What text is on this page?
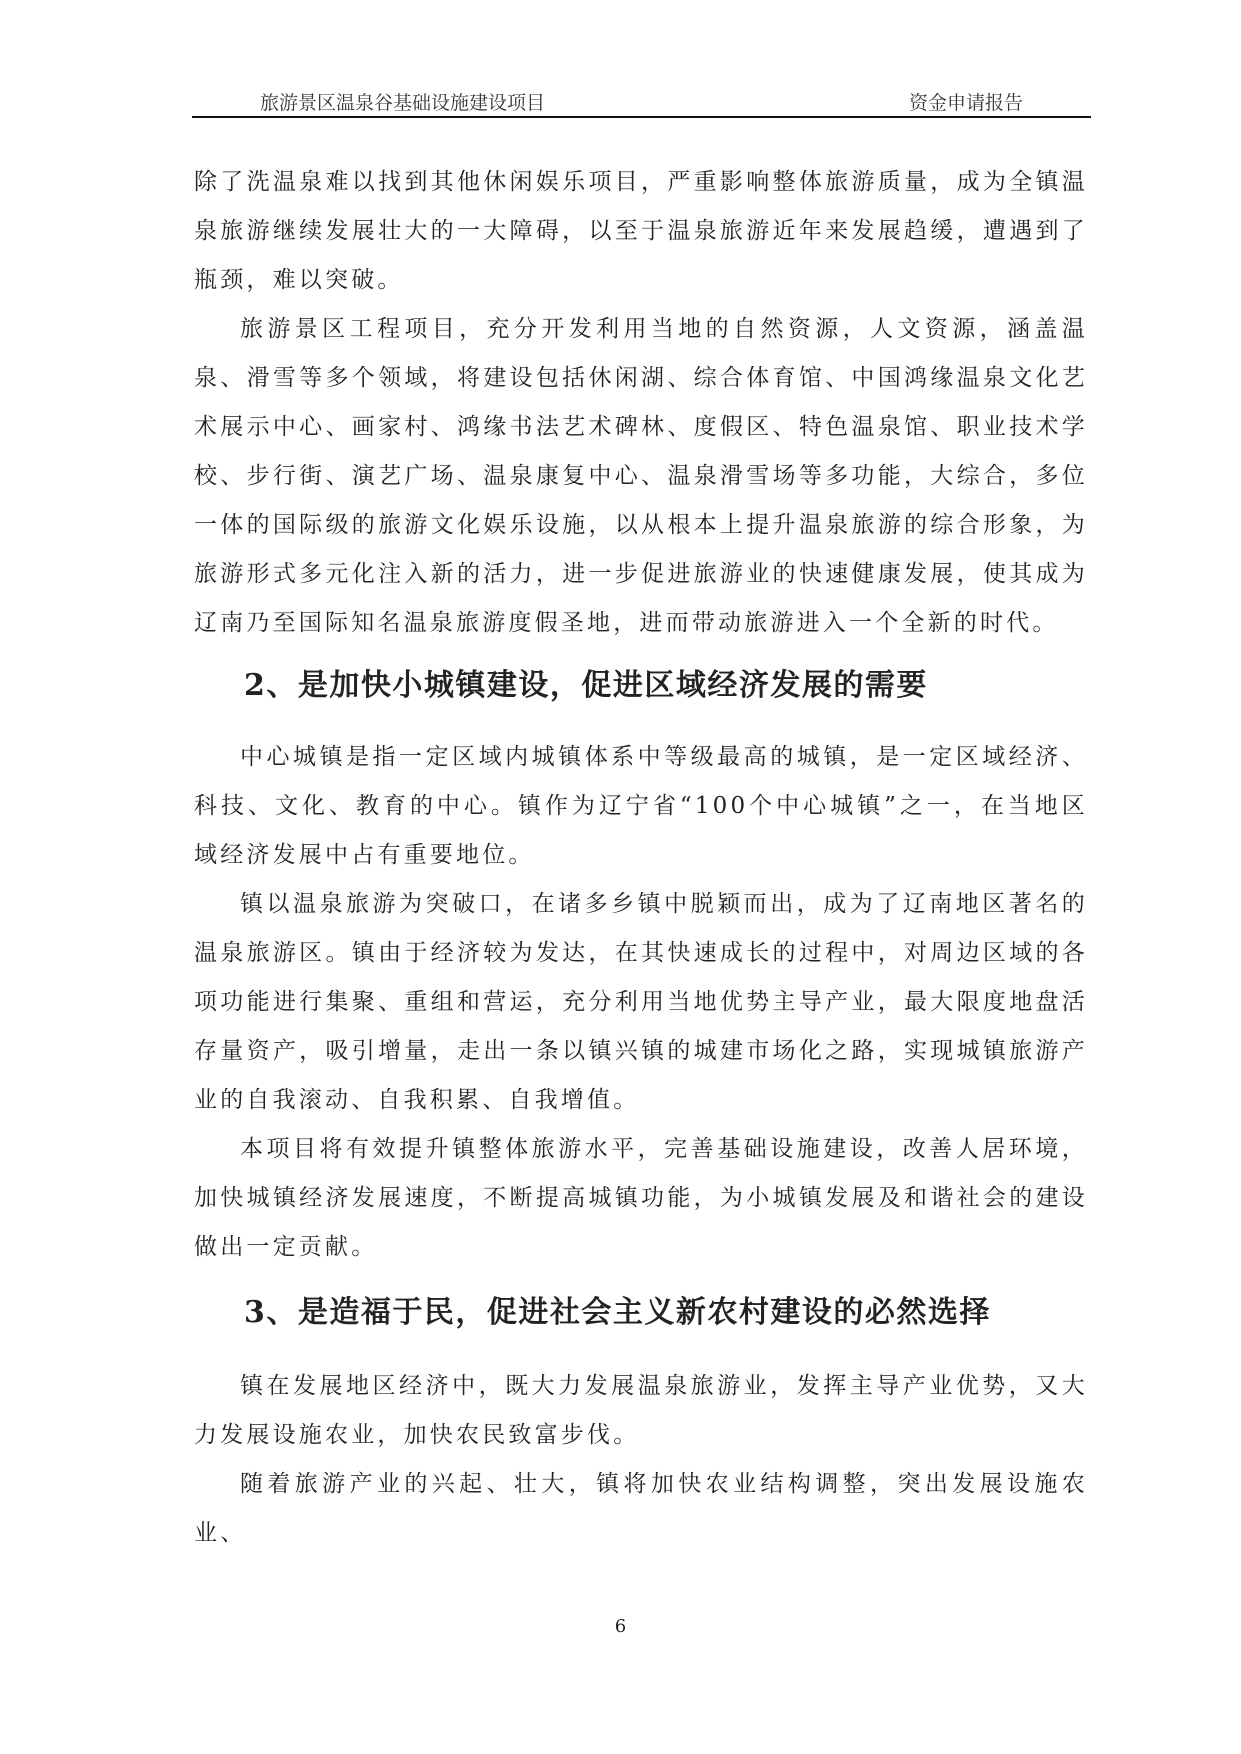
旅游景区温泉谷基础设施建设项目	资金申请报告

除了洗温泉难以找到其他休闲娱乐项目，严重影响整体旅游质量，成为全镇温泉旅游继续发展壮大的一大障碍，以至于温泉旅游近年来发展趋缓，遭遇到了瓶颈，难以突破。

旅游景区工程项目，充分开发利用当地的自然资源，人文资源，涵盖温泉、滑雪等多个领域，将建设包括休闲湖、综合体育馆、中国鸿缘温泉文化艺术展示中心、画家村、鸿缘书法艺术碑林、度假区、特色温泉馆、职业技术学校、步行街、演艺广场、温泉康复中心、温泉滑雪场等多功能，大综合，多位一体的国际级的旅游文化娱乐设施，以从根本上提升温泉旅游的综合形象，为旅游形式多元化注入新的活力，进一步促进旅游业的快速健康发展，使其成为辽南乃至国际知名温泉旅游度假圣地，进而带动旅游进入一个全新的时代。

2、是加快小城镇建设，促进区域经济发展的需要

中心城镇是指一定区域内城镇体系中等级最高的城镇，是一定区域经济、科技、文化、教育的中心。镇作为辽宁省“100个中心城镇”之一，在当地区域经济发展中占有重要地位。

镇以温泉旅游为突破口，在诸多乡镇中脱颖而出，成为了辽南地区著名的温泉旅游区。镇由于经济较为发达，在其快速成长的过程中，对周边区域的各项功能进行集聚、重组和营运，充分利用当地优势主导产业，最大限度地盘活存量资产，吸引增量，走出一条以镇兴镇的城建市场化之路，实现城镇旅游产业的自我滚动、自我积累、自我增值。

本项目将有效提升镇整体旅游水平，完善基础设施建设，改善人居环境，加快城镇经济发展速度，不断提高城镇功能，为小城镇发展及和谐社会的建设做出一定贡献。

3、是造福于民，促进社会主义新农村建设的必然选择

镇在发展地区经济中，既大力发展温泉旅游业，发挥主导产业优势，又大力发展设施农业，加快农民致富步伐。

随着旅游产业的兴起、壮大，镇将加快农业结构调整，突出发展设施农业、

6
